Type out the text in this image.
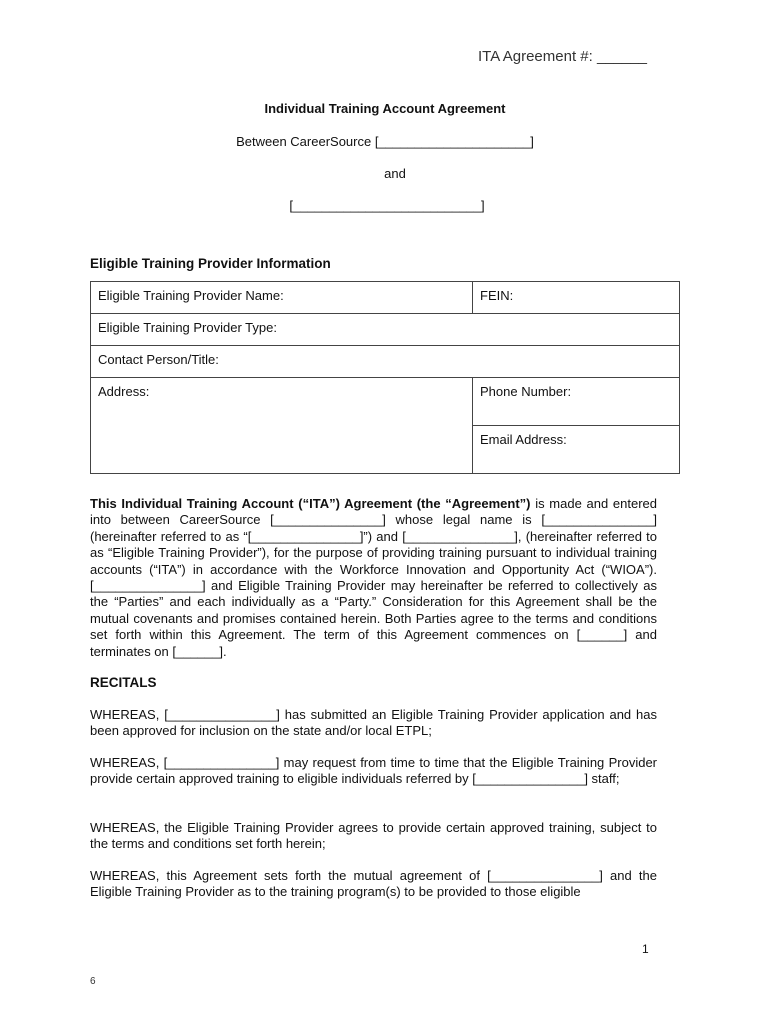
ITA Agreement #: ______
Individual Training Account Agreement
Between CareerSource [_____________________]
and
[__________________________]
Eligible Training Provider Information
Eligible Training Provider Name:	FEIN:
Eligible Training Provider Type:	
Contact Person/Title:	
Address:	Phone Number:
	Email Address:
This Individual Training Account (“ITA”) Agreement (the “Agreement”) is made and entered into between CareerSource [_______________] whose legal name is [_______________] (hereinafter referred to as “[_______________]”) and [_______________], (hereinafter referred to as “Eligible Training Provider”), for the purpose of providing training pursuant to individual training accounts (“ITA”) in accordance with the Workforce Innovation and Opportunity Act (“WIOA”). [_______________] and Eligible Training Provider may hereinafter be referred to collectively as the “Parties” and each individually as a “Party.” Consideration for this Agreement shall be the mutual covenants and promises contained herein. Both Parties agree to the terms and conditions set forth within this Agreement. The term of this Agreement commences on [______] and terminates on [______].
RECITALS
WHEREAS, [_______________] has submitted an Eligible Training Provider application and has been approved for inclusion on the state and/or local ETPL;
WHEREAS, [_______________] may request from time to time that the Eligible Training Provider provide certain approved training to eligible individuals referred by [_______________] staff;
WHEREAS, the Eligible Training Provider agrees to provide certain approved training, subject to the terms and conditions set forth herein;
WHEREAS, this Agreement sets forth the mutual agreement of [_______________] and the Eligible Training Provider as to the training program(s) to be provided to those eligible
1
6
